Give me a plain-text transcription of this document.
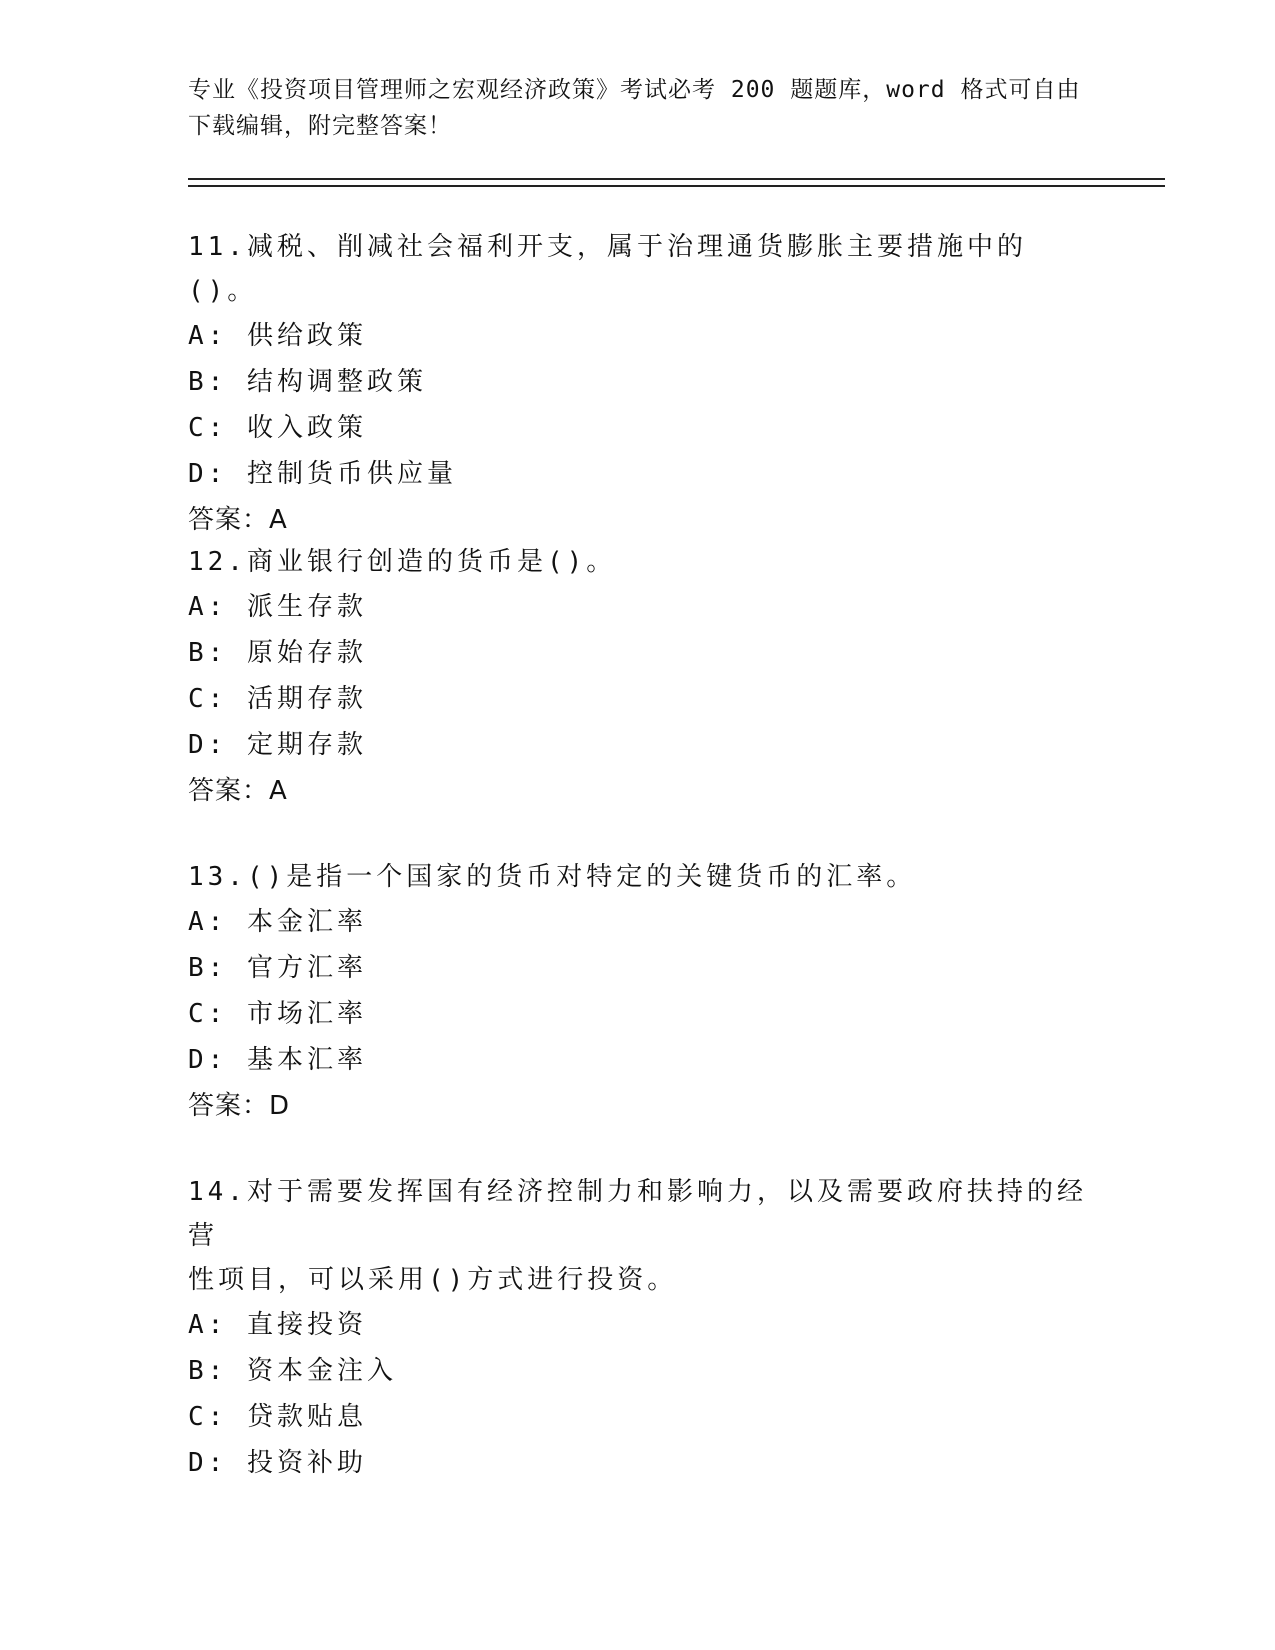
专业《投资项目管理师之宏观经济政策》考试必考 200 题题库，word 格式可自由
下载编辑，附完整答案！
11.减税、削减社会福利开支，属于治理通货膨胀主要措施中的()。
A: 供给政策
B: 结构调整政策
C: 收入政策
D: 控制货币供应量
答案：A
12.商业银行创造的货币是()。
A: 派生存款
B: 原始存款
C: 活期存款
D: 定期存款
答案：A
13.()是指一个国家的货币对特定的关键货币的汇率。
A: 本金汇率
B: 官方汇率
C: 市场汇率
D: 基本汇率
答案：D
14.对于需要发挥国有经济控制力和影响力，以及需要政府扶持的经营
性项目，可以采用()方式进行投资。
A: 直接投资
B: 资本金注入
C: 贷款贴息
D: 投资补助
